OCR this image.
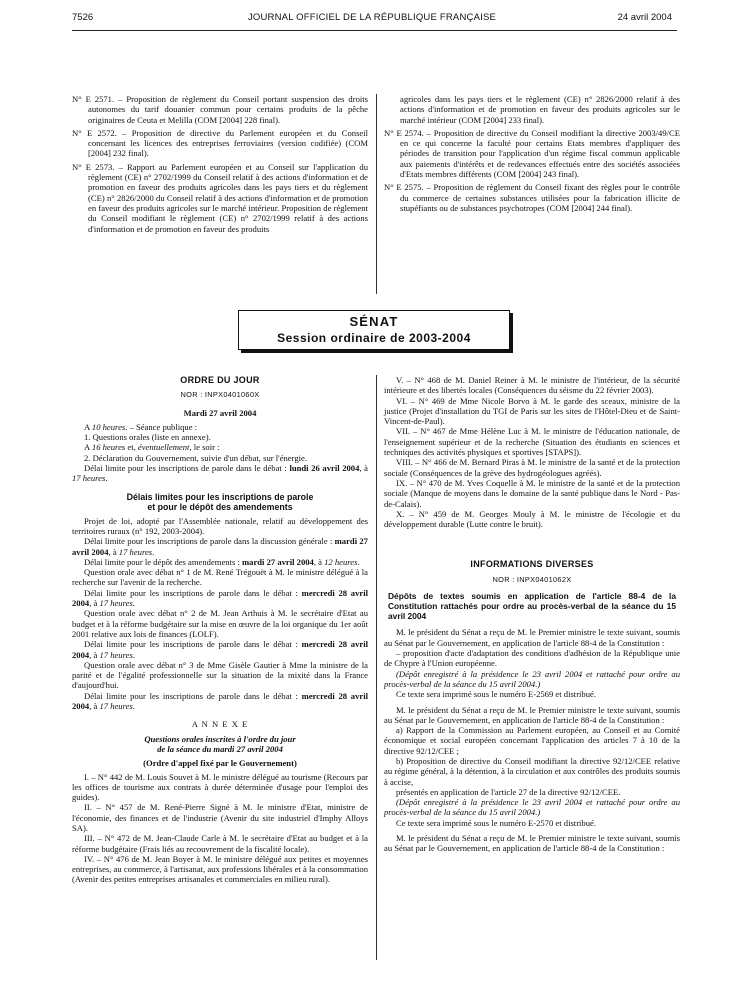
7526	JOURNAL OFFICIEL DE LA RÉPUBLIQUE FRANÇAISE	24 avril 2004

N° E 2571. – Proposition de règlement du Conseil portant suspension des droits autonomes du tarif douanier commun pour certains produits de la pêche originaires de Ceuta et Melilla (COM [2004] 228 final).

N° E 2572. – Proposition de directive du Parlement européen et du Conseil concernant les licences des entreprises ferroviaires (version codifiée) (COM [2004] 232 final).

N° E 2573. – Rapport au Parlement européen et au Conseil sur l'application du règlement (CE) n° 2702/1999 du Conseil relatif à des actions d'information et de promotion en faveur des produits agricoles dans les pays tiers et du règlement (CE) n° 2826/2000 du Conseil relatif à des actions d'information et de promotion en faveur des produits agricoles sur le marché intérieur. Proposition de règlement du Conseil modifiant le règlement (CE) n° 2702/1999 relatif à des actions d'information et de promotion en faveur des produits

agricoles dans les pays tiers et le règlement (CE) n° 2826/2000 relatif à des actions d'information et de promotion en faveur des produits agricoles sur le marché intérieur (COM [2004] 233 final).

N° E 2574. – Proposition de directive du Conseil modifiant la directive 2003/49/CE en ce qui concerne la faculté pour certains Etats membres d'appliquer des périodes de transition pour l'application d'un régime fiscal commun applicable aux paiements d'intérêts et de redevances effectués entre des sociétés associées d'Etats membres différents (COM [2004] 243 final).

N° E 2575. – Proposition de règlement du Conseil fixant des règles pour le contrôle du commerce de certaines substances utilisées pour la fabrication illicite de stupéfiants ou de substances psychotropes (COM [2004] 244 final).

SÉNAT
Session ordinaire de 2003-2004
ORDRE DU JOUR
NOR : INPX0401060X
Mardi 27 avril 2004

A 10 heures. – Séance publique :

1. Questions orales (liste en annexe).

A 16 heures et, éventuellement, le soir :

2. Déclaration du Gouvernement, suivie d'un débat, sur l'énergie.

Délai limite pour les inscriptions de parole dans le débat : lundi 26 avril 2004, à 17 heures.

Délais limites pour les inscriptions de parole
et pour le dépôt des amendements

Projet de loi, adopté par l'Assemblée nationale, relatif au développement des territoires ruraux (n° 192, 2003-2004).

Délai limite pour les inscriptions de parole dans la discussion générale : mardi 27 avril 2004, à 17 heures.

Délai limite pour le dépôt des amendements : mardi 27 avril 2004, à 12 heures.

Question orale avec débat n° 1 de M. René Trégouët à M. le ministre délégué à la recherche sur l'avenir de la recherche.

Délai limite pour les inscriptions de parole dans le débat : mercredi 28 avril 2004, à 17 heures.

Question orale avec débat n° 2 de M. Jean Arthuis à M. le secrétaire d'Etat au budget et à la réforme budgétaire sur la mise en œuvre de la loi organique du 1er août 2001 relative aux lois de finances (LOLF).

Délai limite pour les inscriptions de parole dans le débat : mercredi 28 avril 2004, à 17 heures.

Question orale avec débat n° 3 de Mme Gisèle Gautier à Mme la ministre de la parité et de l'égalité professionnelle sur la situation de la mixité dans la France d'aujourd'hui.

Délai limite pour les inscriptions de parole dans le débat : mercredi 28 avril 2004, à 17 heures.

A N N E X E
Questions orales inscrites à l'ordre du jour
de la séance du mardi 27 avril 2004
(Ordre d'appel fixé par le Gouvernement)

I. – N° 442 de M. Louis Souvet à M. le ministre délégué au tourisme (Recours par les offices de tourisme aux contrats à durée déterminée d'usage pour l'emploi des guides).

II. – N° 457 de M. René-Pierre Signé à M. le ministre d'Etat, ministre de l'économie, des finances et de l'industrie (Avenir du site industriel d'Imphy Alloys SA).

III. – N° 472 de M. Jean-Claude Carle à M. le secrétaire d'Etat au budget et à la réforme budgétaire (Frais liés au recouvrement de la fiscalité locale).

IV. – N° 476 de M. Jean Boyer à M. le ministre délégué aux petites et moyennes entreprises, au commerce, à l'artisanat, aux professions libérales et à la consommation (Avenir des petites entreprises artisanales et commerciales en milieu rural).

V. – N° 468 de M. Daniel Reiner à M. le ministre de l'intérieur, de la sécurité intérieure et des libertés locales (Conséquences du séisme du 22 février 2003).

VI. – N° 469 de Mme Nicole Borvo à M. le garde des sceaux, ministre de la justice (Projet d'installation du TGI de Paris sur les sites de l'Hôtel-Dieu et de Saint-Vincent-de-Paul).

VII. – N° 467 de Mme Hélène Luc à M. le ministre de l'éducation nationale, de l'enseignement supérieur et de la recherche (Situation des étudiants en sciences et techniques des activités physiques et sportives [STAPS]).

VIII. – N° 466 de M. Bernard Piras à M. le ministre de la santé et de la protection sociale (Conséquences de la grève des hydrogéologues agréés).

IX. – N° 470 de M. Yves Coquelle à M. le ministre de la santé et de la protection sociale (Manque de moyens dans le domaine de la santé publique dans le Nord - Pas-de-Calais).

X. – N° 459 de M. Georges Mouly à M. le ministre de l'écologie et du développement durable (Lutte contre le bruit).

INFORMATIONS DIVERSES
NOR : INPX0401062X
Dépôts de textes soumis en application de l'article 88-4 de la Constitution rattachés pour ordre au procès-verbal de la séance du 15 avril 2004

M. le président du Sénat a reçu de M. le Premier ministre le texte suivant, soumis au Sénat par le Gouvernement, en application de l'article 88-4 de la Constitution :

– proposition d'acte d'adaptation des conditions d'adhésion de la République unie de Chypre à l'Union européenne.

(Dépôt enregistré à la présidence le 23 avril 2004 et rattaché pour ordre au procès-verbal de la séance du 15 avril 2004.)

Ce texte sera imprimé sous le numéro E-2569 et distribué.

M. le président du Sénat a reçu de M. le Premier ministre le texte suivant, soumis au Sénat par le Gouvernement, en application de l'article 88-4 de la Constitution :

a) Rapport de la Commission au Parlement européen, au Conseil et au Comité économique et social européen concernant l'application des articles 7 à 10 de la directive 92/12/CEE ;

b) Proposition de directive du Conseil modifiant la directive 92/12/CEE relative au régime général, à la détention, à la circulation et aux contrôles des produits soumis à accise,

présentés en application de l'article 27 de la directive 92/12/CEE.

(Dépôt enregistré à la présidence le 23 avril 2004 et rattaché pour ordre au procès-verbal de la séance du 15 avril 2004.)

Ce texte sera imprimé sous le numéro E-2570 et distribué.

M. le président du Sénat a reçu de M. le Premier ministre le texte suivant, soumis au Sénat par le Gouvernement, en application de l'article 88-4 de la Constitution :
